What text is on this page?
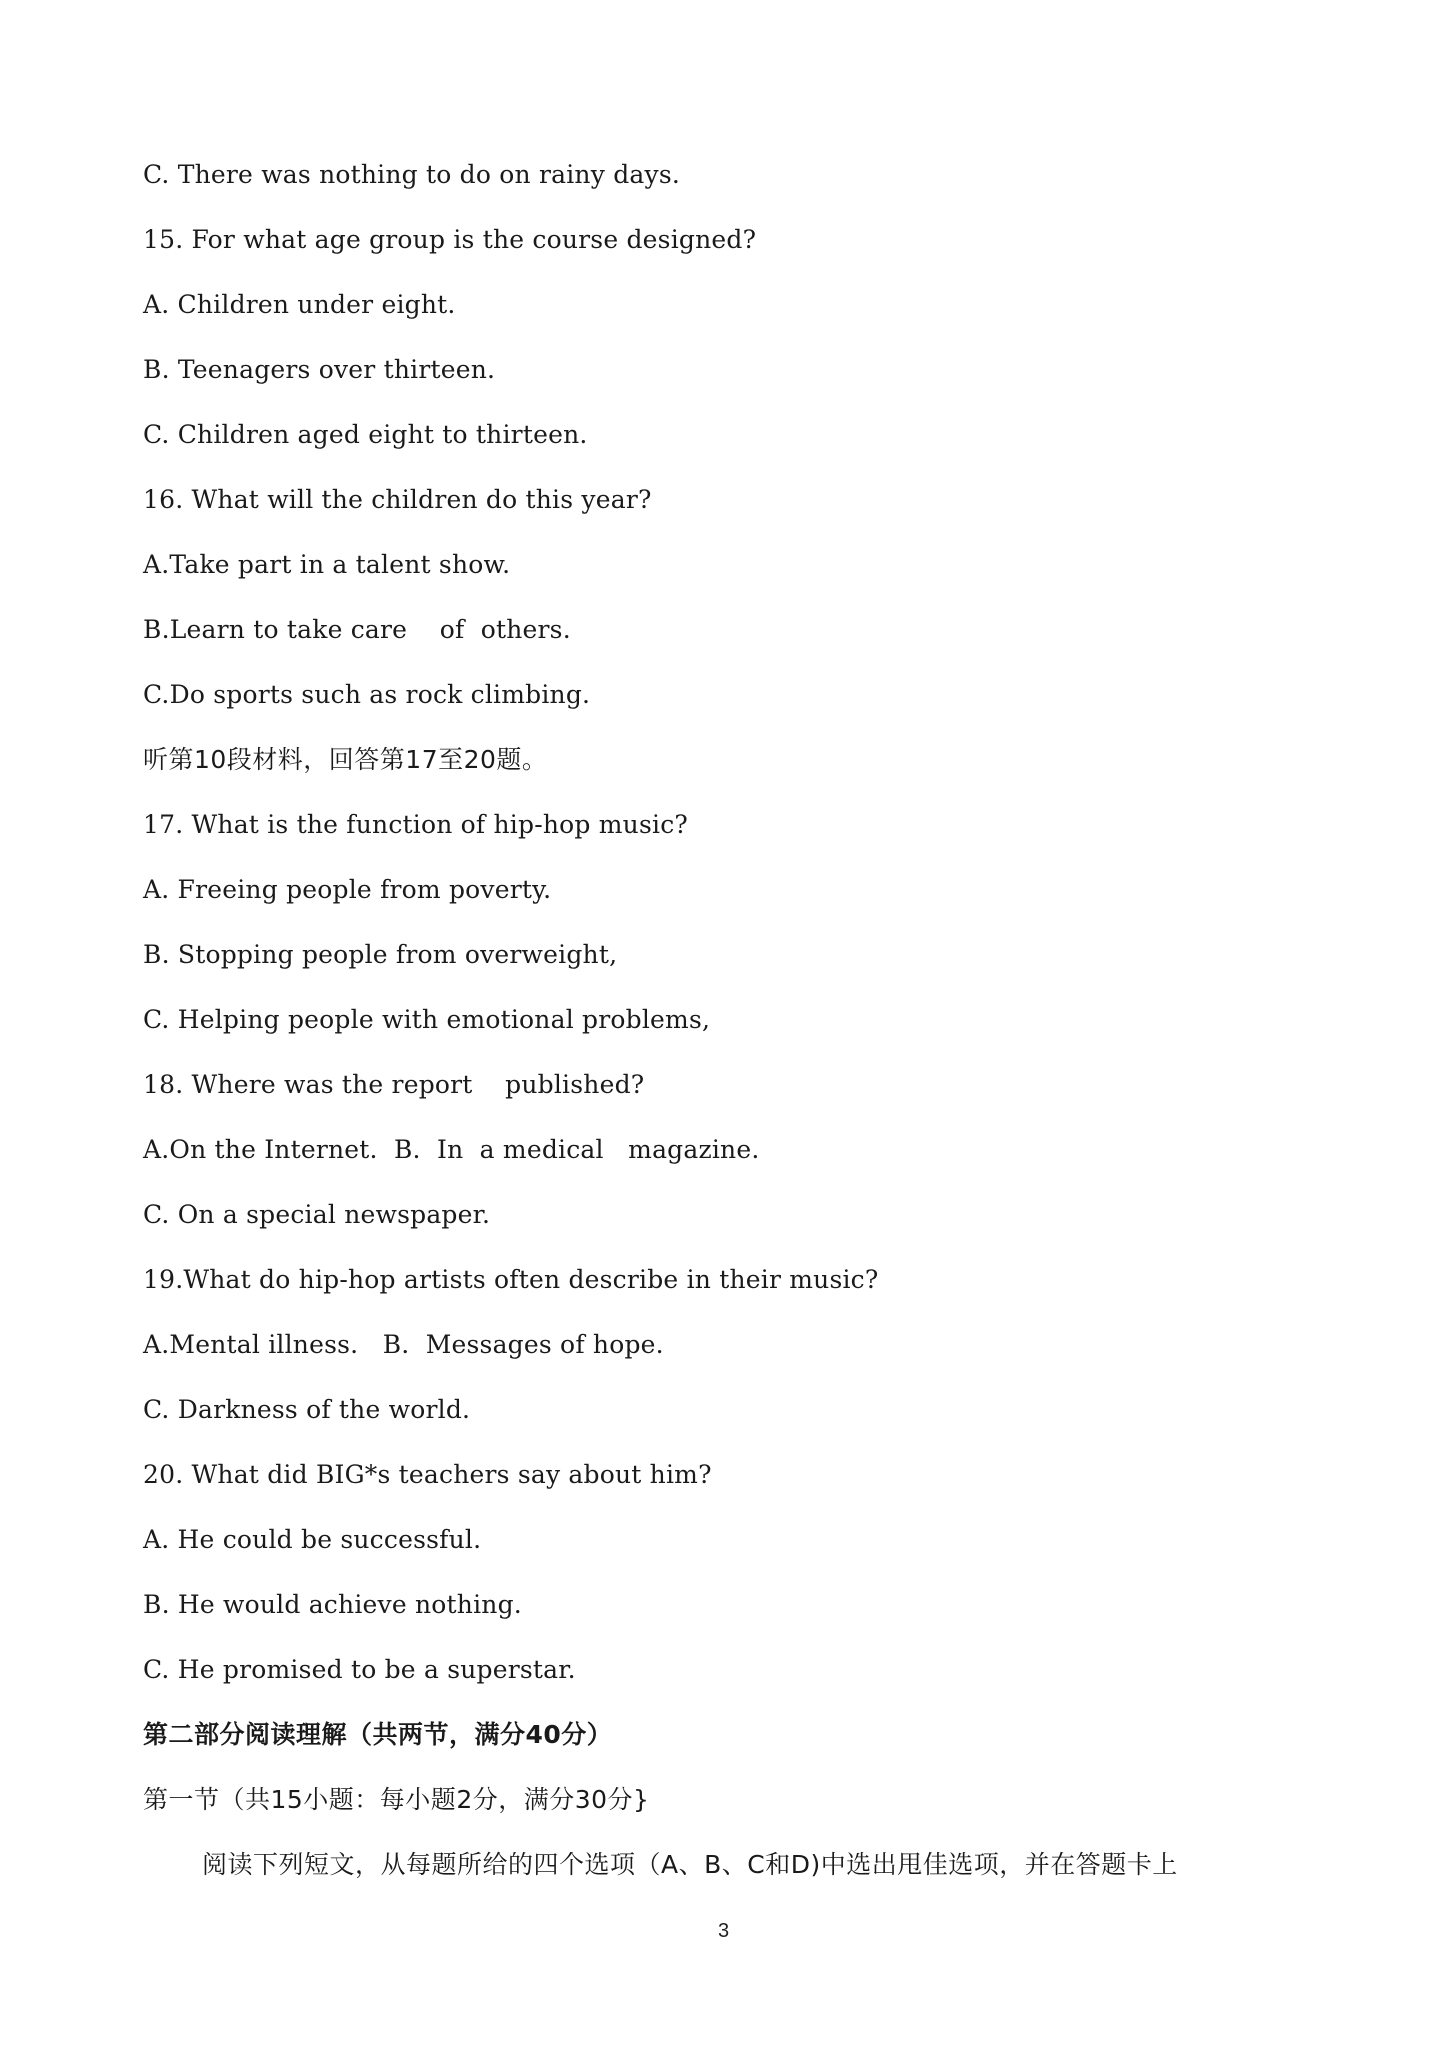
C. There was nothing to do on rainy days.
15. For what age group is the course designed?
A. Children under eight.
B. Teenagers over thirteen.
C. Children aged eight to thirteen.
16. What will the children do this year?
A.Take part in a talent show.
B.Learn to take care    of  others.
C.Do sports such as rock climbing.
听第10段材料，回答第17至20题。
17. What is the function of hip-hop music?
A. Freeing people from poverty.
B. Stopping people from overweight,
C. Helping people with emotional problems,
18. Where was the report    published?
A.On the Internet.  B.  In  a medical   magazine.
C. On a special newspaper.
19.What do hip-hop artists often describe in their music?
A.Mental illness.   B.  Messages of hope.
C. Darkness of the world.
20. What did BIG*s teachers say about him?
A. He could be successful.
B. He would achieve nothing.
C. He promised to be a superstar.
第二部分阅读理解（共两节，满分40分）
第一节（共15小题：每小题2分，满分30分}
阅读下列短文，从每题所给的四个选项（A、B、C和D)中选出甩佳选项，并在答题卡上
3
